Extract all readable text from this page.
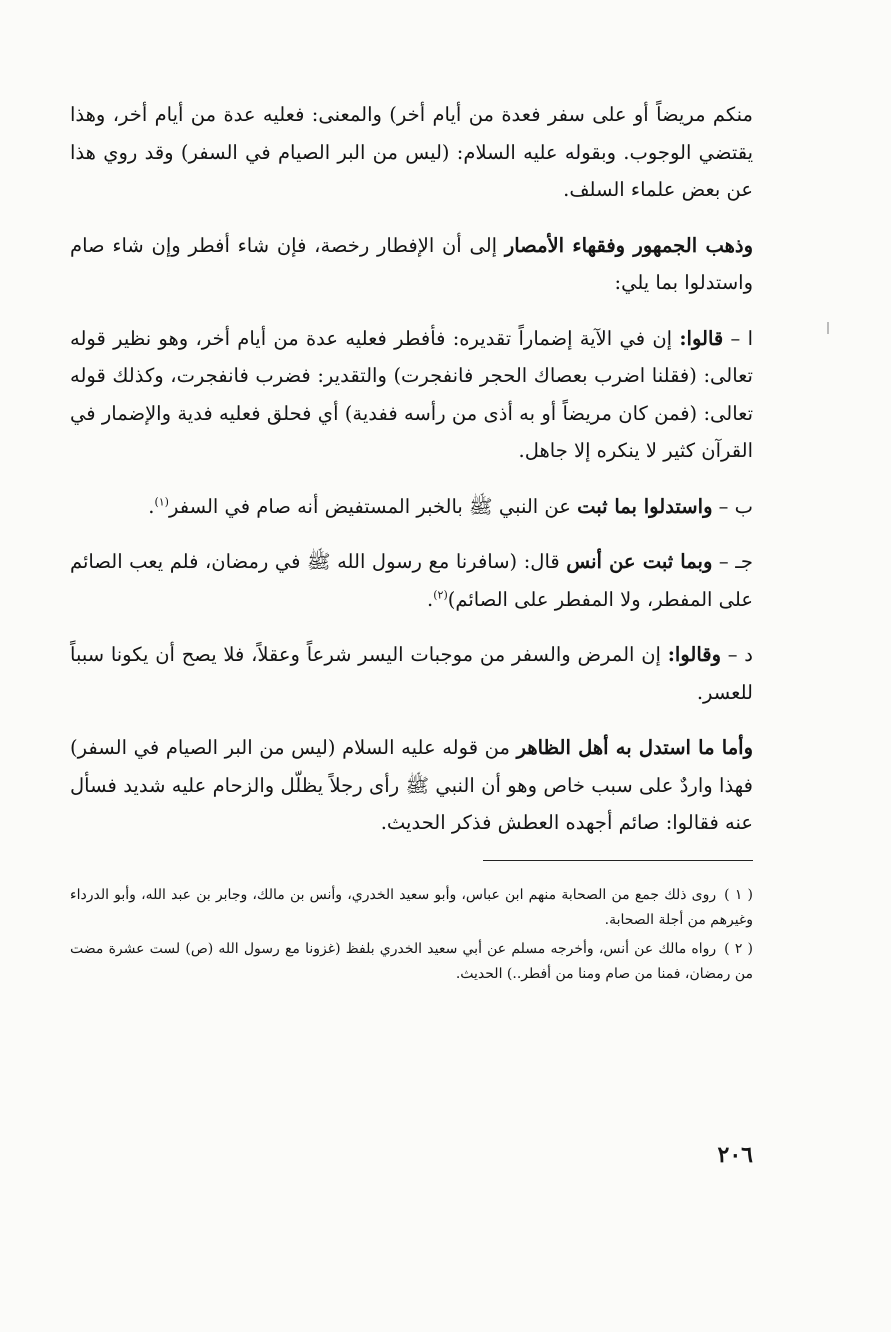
منكم مريضاً أو على سفر فعدة من أيام أخر) والمعنى: فعليه عدة من أيام أخر، وهذا يقتضي الوجوب. وبقوله عليه السلام: (ليس من البر الصيام في السفر) وقد روي هذا عن بعض علماء السلف.

وذهب الجمهور وفقهاء الأمصار إلى أن الإفطار رخصة، فإن شاء أفطر وإن شاء صام واستدلوا بما يلي:

ا – قالوا: إن في الآية إضماراً تقديره: فأفطر فعليه عدة من أيام أخر، وهو نظير قوله تعالى: (فقلنا اضرب بعصاك الحجر فانفجرت) والتقدير: فضرب فانفجرت، وكذلك قوله تعالى: (فمن كان مريضاً أو به أذى من رأسه ففدية) أي فحلق فعليه فدية والإضمار في القرآن كثير لا ينكره إلا جاهل.

ب – واستدلوا بما ثبت عن النبي ﷺ بالخبر المستفيض أنه صام في السفر$^{(١)}$.

جـ – وبما ثبت عن أنس قال: (سافرنا مع رسول الله ﷺ في رمضان، فلم يعب الصائم على المفطر، ولا المفطر على الصائم)$^{(٢)}$.

د – وقالوا: إن المرض والسفر من موجبات اليسر شرعاً وعقلاً، فلا يصح أن يكونا سبباً للعسر.

وأما ما استدل به أهل الظاهر من قوله عليه السلام (ليس من البر الصيام في السفر) فهذا واردٌ على سبب خاص وهو أن النبي ﷺ رأى رجلاً يظلّل والزحام عليه شديد فسأل عنه فقالوا: صائم أجهده العطش فذكر الحديث.

( ١ )روى ذلك جمع من الصحابة منهم ابن عباس، وأبو سعيد الخدري، وأنس بن مالك، وجابر بن عبد الله، وأبو الدرداء وغيرهم من أجلة الصحابة.

( ٢ )رواه مالك عن أنس، وأخرجه مسلم عن أبي سعيد الخدري بلفظ (غزونا مع رسول الله (ص) لست عشرة مضت من رمضان، فمنا من صام ومنا من أفطر..) الحديث.

٢٠٦
